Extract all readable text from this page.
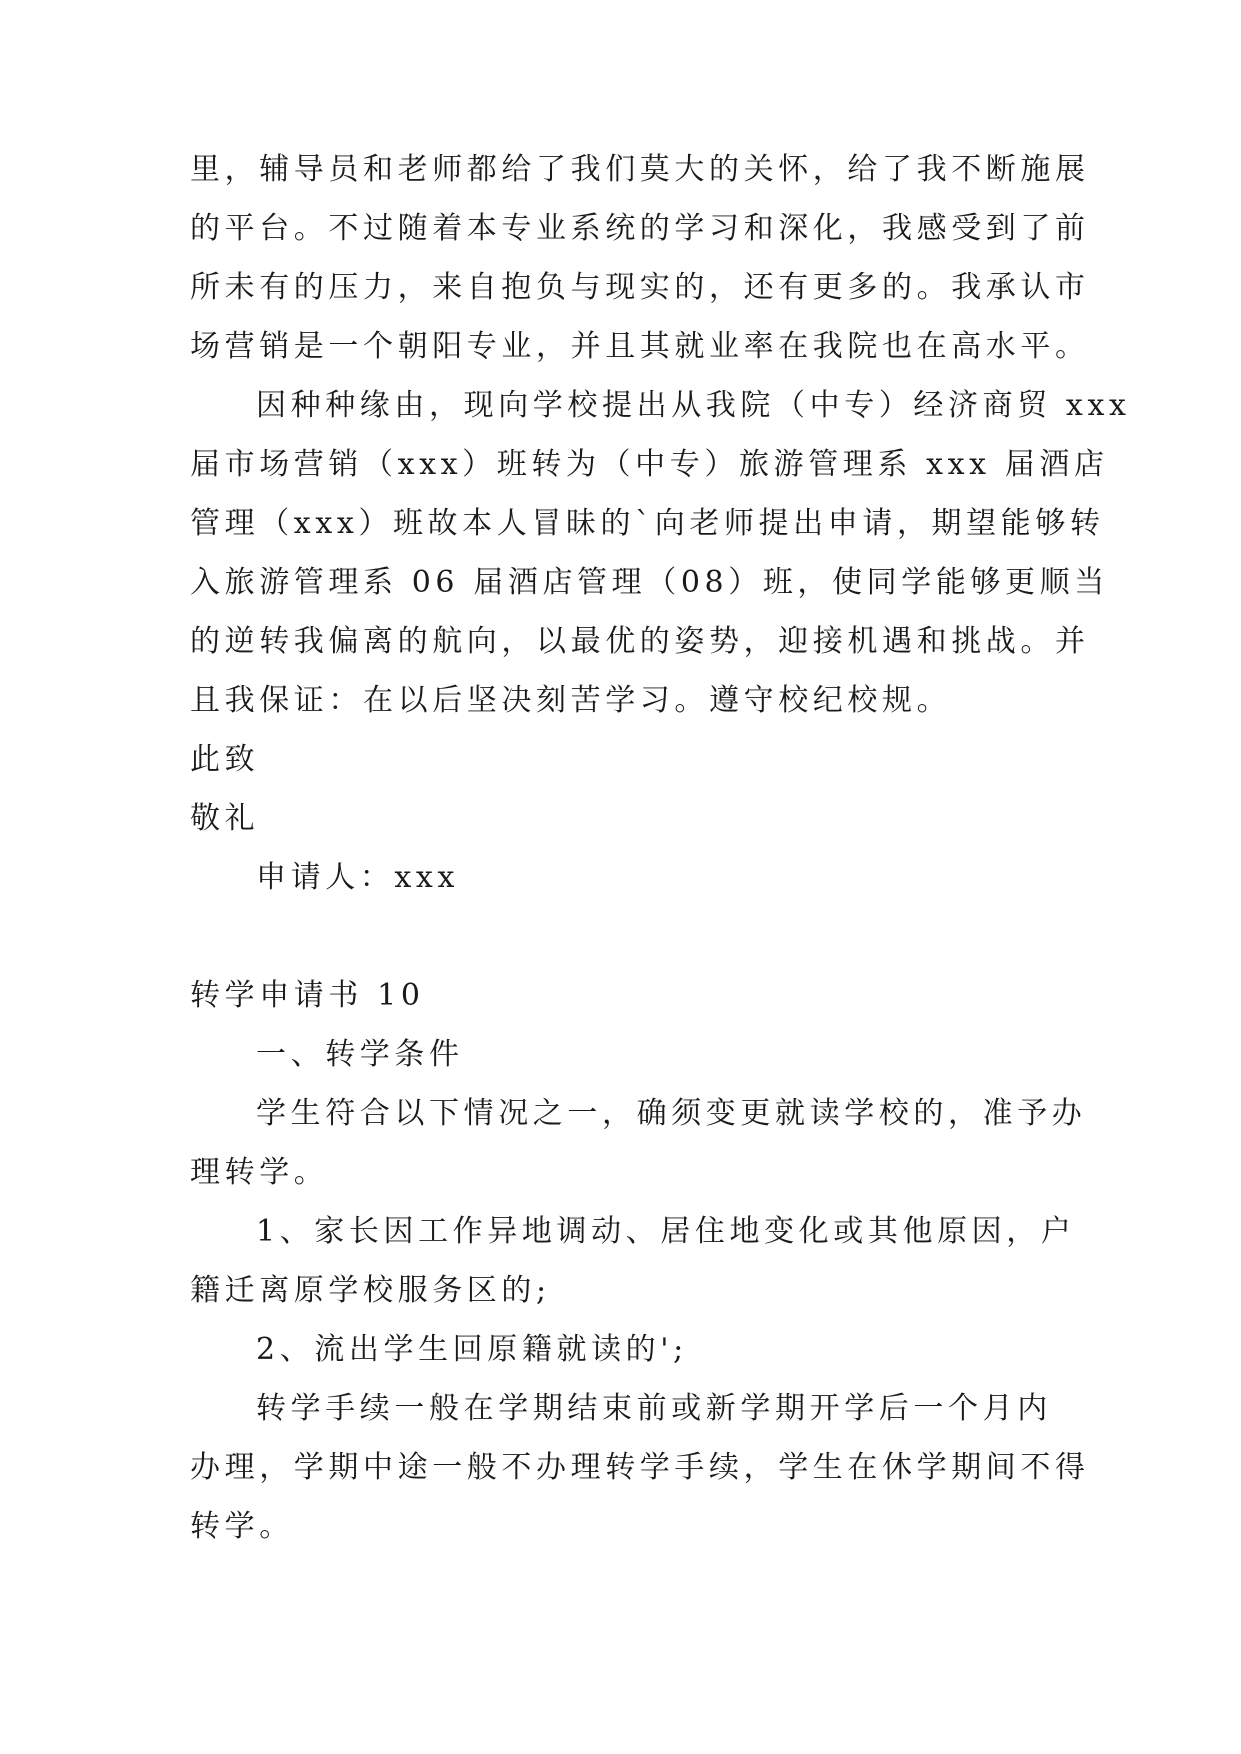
里，辅导员和老师都给了我们莫大的关怀，给了我不断施展

的平台。不过随着本专业系统的学习和深化，我感受到了前

所未有的压力，来自抱负与现实的，还有更多的。我承认市

场营销是一个朝阳专业，并且其就业率在我院也在高水平。

因种种缘由，现向学校提出从我院（中专）经济商贸 xxx

届市场营销（xxx）班转为（中专）旅游管理系 xxx 届酒店

管理（xxx）班故本人冒昧的`向老师提出申请，期望能够转

入旅游管理系 06 届酒店管理（08）班，使同学能够更顺当

的逆转我偏离的航向，以最优的姿势，迎接机遇和挑战。并

且我保证：在以后坚决刻苦学习。遵守校纪校规。

此致

敬礼

申请人：xxx

转学申请书 10

一、转学条件

学生符合以下情况之一，确须变更就读学校的，准予办

理转学。

1、家长因工作异地调动、居住地变化或其他原因，户

籍迁离原学校服务区的;

2、流出学生回原籍就读的';

转学手续一般在学期结束前或新学期开学后一个月内

办理，学期中途一般不办理转学手续，学生在休学期间不得

转学。
